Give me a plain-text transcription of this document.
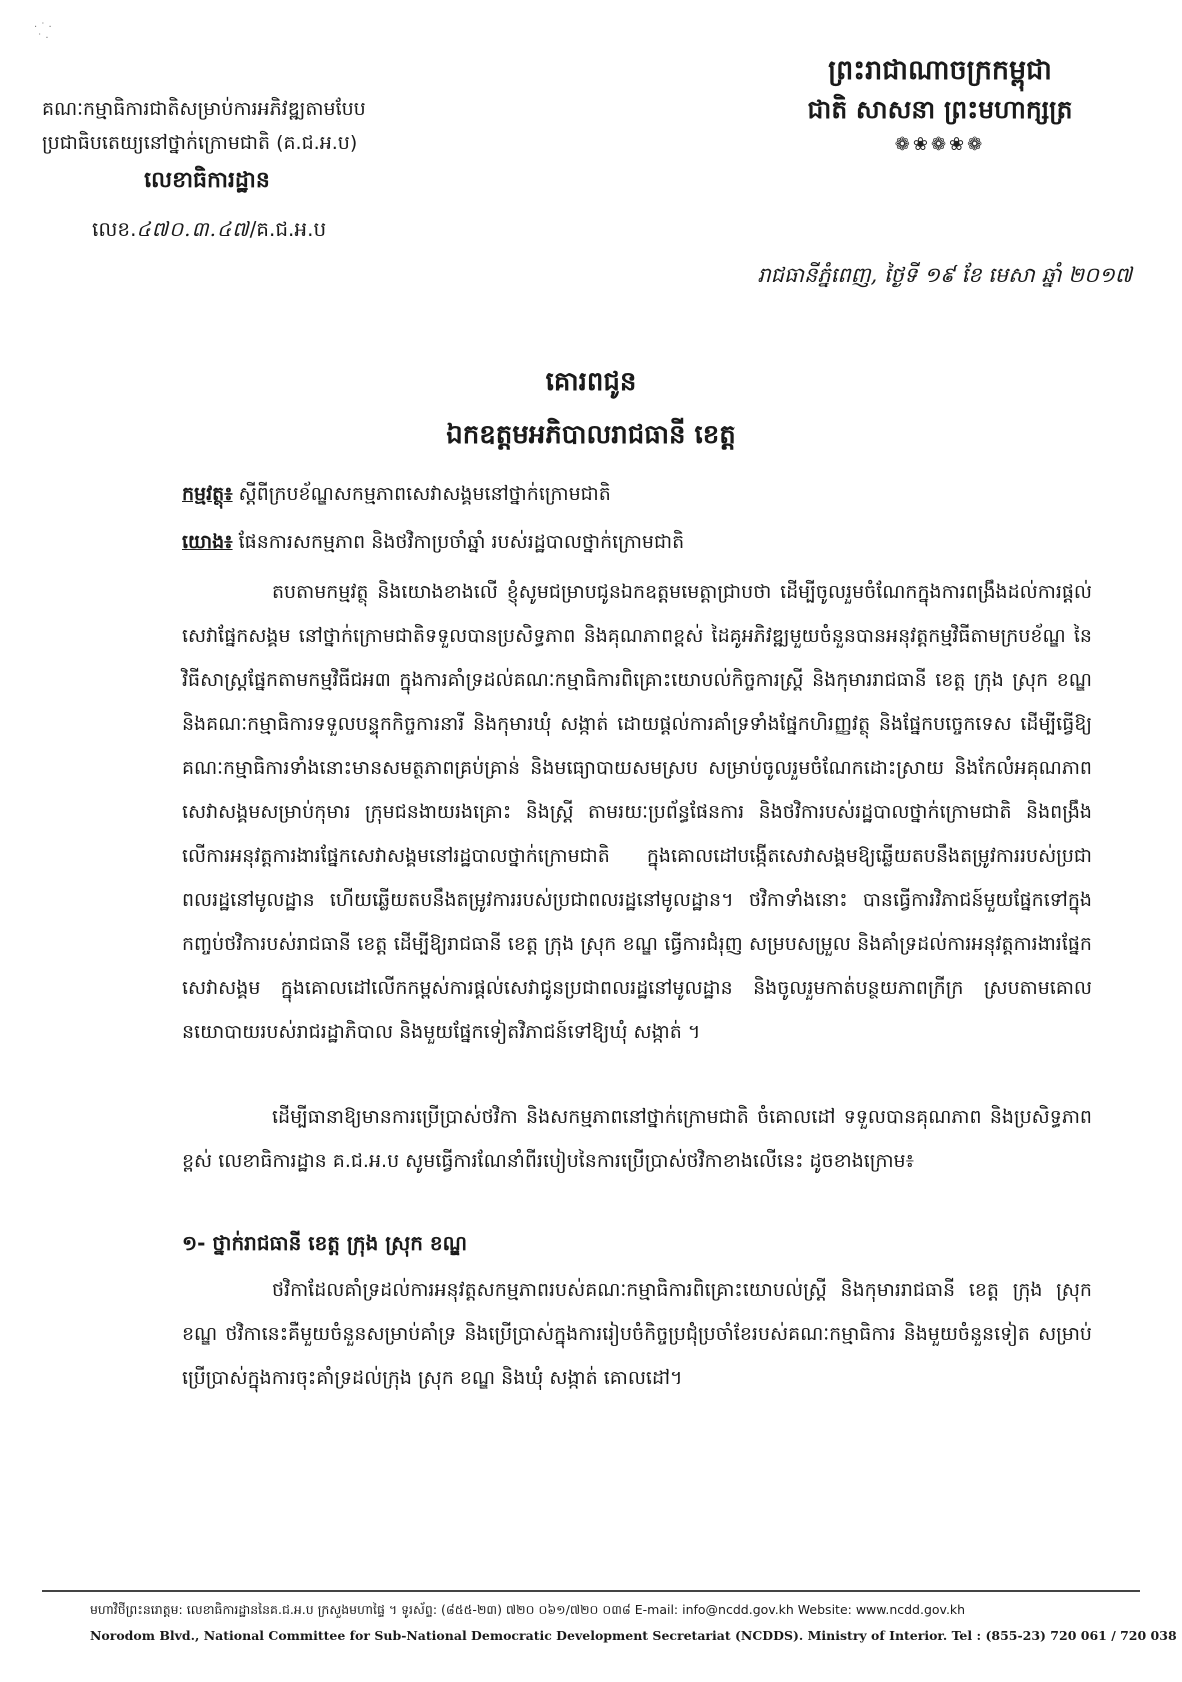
· ˙ ·
˙ ·
គណៈកម្មាធិការជាតិសម្រាប់ការអភិវឌ្ឍតាមបែប
ប្រជាធិបតេយ្យនៅថ្នាក់ក្រោមជាតិ (គ.ជ.អ.ប)
លេខាធិការដ្ឋាន
លេខ.៤៧០.៣.៤៧/គ.ជ.អ.ប
ព្រះរាជាណាចក្រកម្ពុជា
ជាតិ សាសនា ព្រះមហាក្សត្រ
❁❀❁❀❁
រាជធានីភ្នំពេញ, ថ្ងៃទី ១៩ ខែ មេសា ឆ្នាំ ២០១៧
គោរពជូន
ឯកឧត្តមអភិបាលរាជធានី ខេត្ត
កម្មវត្ថុ៖ ស្ដីពីក្របខ័ណ្ឌសកម្មភាពសេវាសង្គមនៅថ្នាក់ក្រោមជាតិ
យោង៖ ផែនការសកម្មភាព និងថវិកាប្រចាំឆ្នាំ របស់រដ្ឋបាលថ្នាក់ក្រោមជាតិ
តបតាមកម្មវត្ថុ និងយោងខាងលើ ខ្ញុំសូមជម្រាបជូនឯកឧត្តមមេត្តាជ្រាបថា ដើម្បីចូលរួមចំណែកក្នុងការពង្រឹងដល់ការផ្ដល់សេវាផ្នែកសង្គម នៅថ្នាក់ក្រោមជាតិទទួលបានប្រសិទ្ធភាព និងគុណភាពខ្ពស់ ដៃគូអភិវឌ្ឍមួយចំនួនបានអនុវត្តកម្មវិធីតាមក្របខ័ណ្ឌ នៃវិធីសាស្ត្រផ្នែកតាមកម្មវិធីជអ៣ ក្នុងការគាំទ្រដល់គណៈកម្មាធិការពិគ្រោះយោបល់កិច្ចការស្ត្រី និងកុមាររាជធានី ខេត្ត ក្រុង ស្រុក ខណ្ឌ និងគណៈកម្មាធិការទទួលបន្ទុកកិច្ចការនារី និងកុមារឃុំ សង្កាត់ ដោយផ្ដល់ការគាំទ្រទាំងផ្នែកហិរញ្ញវត្ថុ និងផ្នែកបច្ចេកទេស ដើម្បីធ្វើឱ្យគណៈកម្មាធិការទាំងនោះមានសមត្ថភាពគ្រប់គ្រាន់ និងមធ្យោបាយសមស្រប សម្រាប់ចូលរួមចំណែកដោះស្រាយ និងកែលំអគុណភាពសេវាសង្គមសម្រាប់កុមារ ក្រុមជនងាយរងគ្រោះ និងស្ត្រី តាមរយៈប្រព័ន្ធផែនការ និងថវិការបស់រដ្ឋបាលថ្នាក់ក្រោមជាតិ និងពង្រឹងលើការអនុវត្តការងារផ្នែកសេវាសង្គមនៅរដ្ឋបាលថ្នាក់ក្រោមជាតិ ក្នុងគោលដៅបង្កើតសេវាសង្គមឱ្យឆ្លើយតបនឹងតម្រូវការរបស់ប្រជាពលរដ្ឋនៅមូលដ្ឋាន ហើយឆ្លើយតបនឹងតម្រូវការរបស់ប្រជាពលរដ្ឋនៅមូលដ្ឋាន។ ថវិកាទាំងនោះ បានធ្វើការវិភាជន៍មួយផ្នែកទៅក្នុងកញ្ចប់ថវិការបស់រាជធានី ខេត្ត ដើម្បីឱ្យរាជធានី ខេត្ត ក្រុង ស្រុក ខណ្ឌ ធ្វើការជំរុញ សម្របសម្រួល និងគាំទ្រដល់ការអនុវត្តការងារផ្នែកសេវាសង្គម ក្នុងគោលដៅលើកកម្ពស់ការផ្ដល់សេវាជូនប្រជាពលរដ្ឋនៅមូលដ្ឋាន និងចូលរួមកាត់បន្ថយភាពក្រីក្រ ស្របតាមគោលនយោបាយរបស់រាជរដ្ឋាភិបាល និងមួយផ្នែកទៀតវិភាជន៍ទៅឱ្យឃុំ សង្កាត់ ។
ដើម្បីធានាឱ្យមានការប្រើប្រាស់ថវិកា និងសកម្មភាពនៅថ្នាក់ក្រោមជាតិ ចំគោលដៅ ទទួលបានគុណភាព និងប្រសិទ្ធភាពខ្ពស់ លេខាធិការដ្ឋាន គ.ជ.អ.ប សូមធ្វើការណែនាំពីរបៀបនៃការប្រើប្រាស់ថវិកាខាងលើនេះ ដូចខាងក្រោម៖
១- ថ្នាក់រាជធានី ខេត្ត ក្រុង ស្រុក ខណ្ឌ
ថវិកាដែលគាំទ្រដល់ការអនុវត្តសកម្មភាពរបស់គណៈកម្មាធិការពិគ្រោះយោបល់ស្ត្រី និងកុមាររាជធានី ខេត្ត ក្រុង ស្រុក ខណ្ឌ ថវិកានេះគឺមួយចំនួនសម្រាប់គាំទ្រ និងប្រើប្រាស់ក្នុងការរៀបចំកិច្ចប្រជុំប្រចាំខែរបស់គណៈកម្មាធិការ និងមួយចំនួនទៀត សម្រាប់ប្រើប្រាស់ក្នុងការចុះគាំទ្រដល់ក្រុង ស្រុក ខណ្ឌ និងឃុំ សង្កាត់ គោលដៅ។
មហាវិថីព្រះនរោត្តម: លេខាធិការដ្ឋាននៃគ.ជ.អ.ប ក្រសួងមហាផ្ទៃ ។ ទូរស័ព្ទ: (៨៥៥-២៣) ៧២០ ០៦១/៧២០ ០៣៨ E-mail: info@ncdd.gov.kh Website: www.ncdd.gov.kh
Norodom Blvd., National Committee for Sub-National Democratic Development Secretariat (NCDDS). Ministry of Interior. Tel : (855-23) 720 061 / 720 038
